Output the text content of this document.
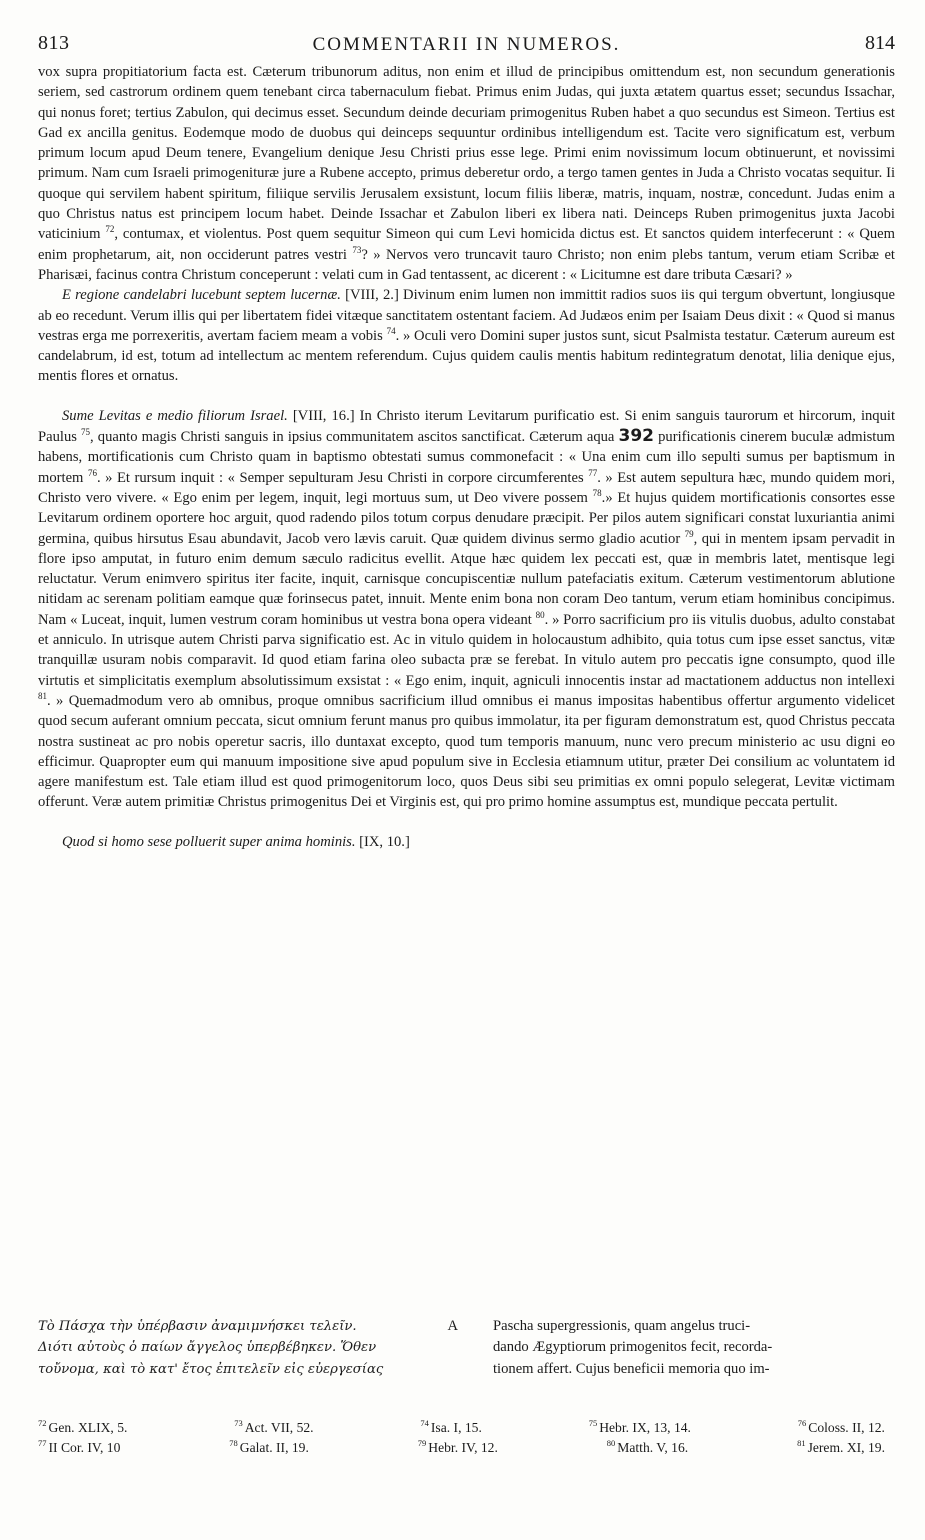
813	COMMENTARII IN NUMEROS.	814

vox supra propitiatorium facta est. Cæterum tribunorum aditus, non enim et illud de principibus omittendum est, non secundum generationis seriem, sed castrorum ordinem quem tenebant circa tabernaculum fiebat. Primus enim Judas, qui juxta ætatem quartus esset; secundus Issachar, qui nonus foret; tertius Zabulon, qui decimus esset. Secundum deinde decuriam primogenitus Ruben habet a quo secundus est Simeon. Tertius est Gad ex ancilla genitus. Eodemque modo de duobus qui deinceps sequuntur ordinibus intelligendum est. Tacite vero significatum est, verbum primum locum apud Deum tenere, Evangelium denique Jesu Christi prius esse lege. Primi enim novissimum locum obtinuerunt, et novissimi primum. Nam cum Israeli primogenituræ jure a Rubene accepto, primus deberetur ordo, a tergo tamen gentes in Juda a Christo vocatas sequitur. Ii quoque qui servilem habent spiritum, filiique servilis Jerusalem exsistunt, locum filiis liberæ, matris, inquam, nostræ, concedunt. Judas enim a quo Christus natus est principem locum habet. Deinde Issachar et Zabulon liberi ex libera nati. Deinceps Ruben primogenitus juxta Jacobi vaticinium $^{72}$, contumax, et violentus. Post quem sequitur Simeon qui cum Levi homicida dictus est. Et sanctos quidem interfecerunt : « Quem enim prophetarum, ait, non occiderunt patres vestri $^{73}$? » Nervos vero truncavit tauro Christo; non enim plebs tantum, verum etiam Scribæ et Pharisæi, facinus contra Christum conceperunt : velati cum in Gad tentassent, ac dicerent : « Licitumne est dare tributa Cæsari? »

E regione candelabri lucebunt septem lucernæ. [VIII, 2.] Divinum enim lumen non immittit radios suos iis qui tergum obvertunt, longiusque ab eo recedunt. Verum illis qui per libertatem fidei vitæque sanctitatem ostentant faciem. Ad Judæos enim per Isaiam Deus dixit : « Quod si manus vestras erga me porrexeritis, avertam faciem meam a vobis $^{74}$. » Oculi vero Domini super justos sunt, sicut Psalmista testatur. Cæterum aureum est candelabrum, id est, totum ad intellectum ac mentem referendum. Cujus quidem caulis mentis habitum redintegratum denotat, lilia denique ejus, mentis flores et ornatus.

Sume Levitas e medio filiorum Israel. [VIII, 16.] In Christo iterum Levitarum purificatio est. Si enim sanguis taurorum et hircorum, inquit Paulus $^{75}$, quanto magis Christi sanguis in ipsius communitatem ascitos sanctificat. Cæterum aqua 392 purificationis cinerem buculæ admistum habens, mortificationis cum Christo quam in baptismo obtestati sumus commonefacit : « Una enim cum illo sepulti sumus per baptismum in mortem $^{76}$. » Et rursum inquit : « Semper sepulturam Jesu Christi in corpore circumferentes $^{77}$. » Est autem sepultura hæc, mundo quidem mori, Christo vero vivere. « Ego enim per legem, inquit, legi mortuus sum, ut Deo vivere possem $^{78}$.» Et hujus quidem mortificationis consortes esse Levitarum ordinem oportere hoc arguit, quod radendo pilos totum corpus denudare præcipit. Per pilos autem significari constat luxuriantia animi germina, quibus hirsutus Esau abundavit, Jacob vero lævis caruit. Quæ quidem divinus sermo gladio acutior $^{79}$, qui in mentem ipsam pervadit in flore ipso amputat, in futuro enim demum sæculo radicitus evellit. Atque hæc quidem lex peccati est, quæ in membris latet, mentisque legi reluctatur. Verum enimvero spiritus iter facite, inquit, carnisque concupiscentiæ nullum patefaciatis exitum. Cæterum vestimentorum ablutione nitidam ac serenam politiam eamque quæ forinsecus patet, innuit. Mente enim bona non coram Deo tantum, verum etiam hominibus concipimus. Nam « Luceat, inquit, lumen vestrum coram hominibus ut vestra bona opera videant $^{80}$. » Porro sacrificium pro iis vitulis duobus, adulto constabat et anniculo. In utrisque autem Christi parva significatio est. Ac in vitulo quidem in holocaustum adhibito, quia totus cum ipse esset sanctus, vitæ tranquillæ usuram nobis comparavit. Id quod etiam farina oleo subacta præ se ferebat. In vitulo autem pro peccatis igne consumpto, quod ille virtutis et simplicitatis exemplum absolutissimum exsistat : « Ego enim, inquit, agniculi innocentis instar ad mactationem adductus non intellexi $^{81}$. » Quemadmodum vero ab omnibus, proque omnibus sacrificium illud omnibus ei manus impositas habentibus offertur argumento videlicet quod secum auferant omnium peccata, sicut omnium ferunt manus pro quibus immolatur, ita per figuram demonstratum est, quod Christus peccata nostra sustineat ac pro nobis operetur sacris, illo duntaxat excepto, quod tum temporis manuum, nunc vero precum ministerio ac usu digni eo efficimur. Quapropter eum qui manuum impositione sive apud populum sive in Ecclesia etiamnum utitur, præter Dei consilium ac voluntatem id agere manifestum est. Tale etiam illud est quod primogenitorum loco, quos Deus sibi seu primitias ex omni populo selegerat, Levitæ victimam offerunt. Veræ autem primitiæ Christus primogenitus Dei et Virginis est, qui pro primo homine assumptus est, mundique peccata pertulit.

Quod si homo sese polluerit super anima hominis. [IX, 10.]

Τὸ Πάσχα τὴν ὑπέρβασιν ἀναμιμνήσκει τελεῖν.
Διότι αὐτοὺς ὁ παίων ἄγγελος ὑπερβέβηκεν. Ὅθεν
τοὔνομα, καὶ τὸ κατ' ἔτος ἐπιτελεῖν εἰς εὐεργεσίας
A Pascha supergressionis, quam angelus truci-
dando Ægyptiorum primogenitos fecit, recorda-
tionem affert. Cujus beneficii memoria quo im-
$^{72}$ Gen. XLIX, 5.	$^{73}$ Act. VII, 52.	$^{74}$ Isa. I, 15.	$^{75}$ Hebr. IX, 13, 14.	$^{76}$ Coloss. II, 12.
$^{77}$ II Cor. IV, 10	$^{78}$ Galat. II, 19.	$^{79}$ Hebr. IV, 12.	$^{80}$ Matth. V, 16.	$^{81}$ Jerem. XI, 19.
